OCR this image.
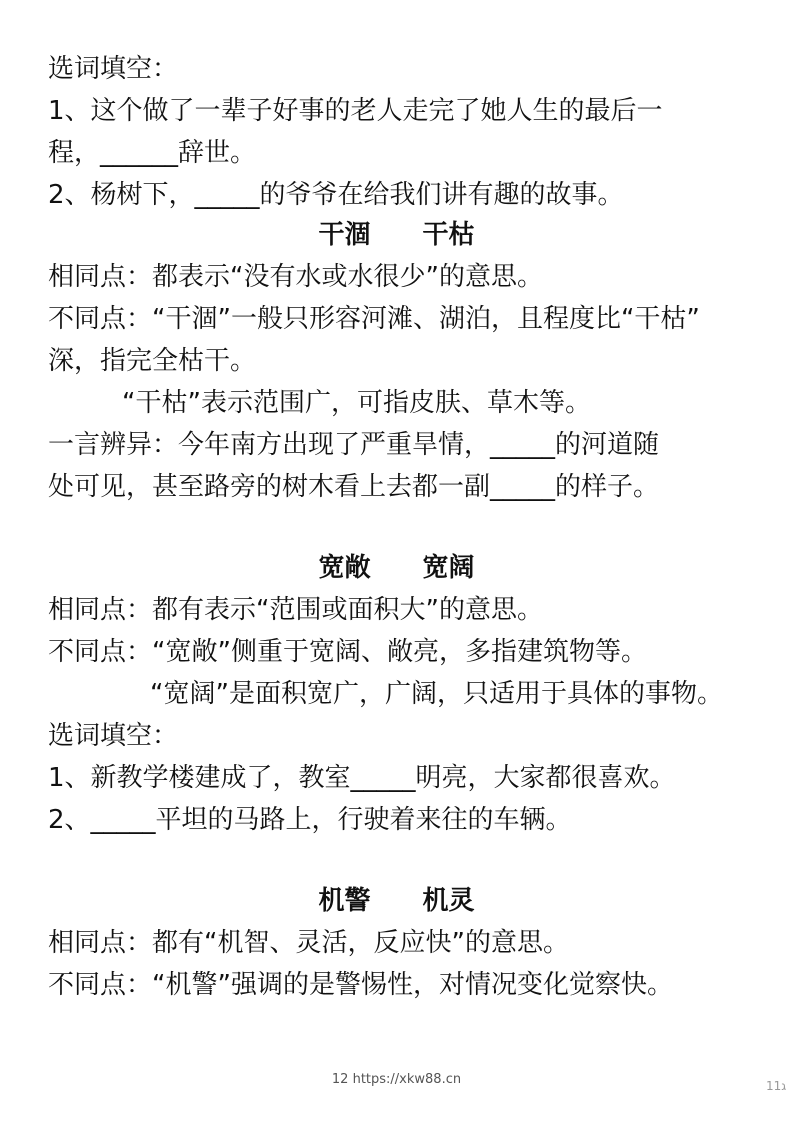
选词填空：
1、这个做了一辈子好事的老人走完了她人生的最后一
程，______辞世。
2、杨树下，_____的爷爷在给我们讲有趣的故事。
干涸　　干枯
相同点：都表示“没有水或水很少”的意思。
不同点：“干涸”一般只形容河滩、湖泊，且程度比“干枯”
深，指完全枯干。
“干枯”表示范围广，可指皮肤、草木等。
一言辨异：今年南方出现了严重旱情，_____的河道随
处可见，甚至路旁的树木看上去都一副_____的样子。
宽敞　　宽阔
相同点：都有表示“范围或面积大”的意思。
不同点：“宽敞”侧重于宽阔、敞亮，多指建筑物等。
“宽阔”是面积宽广，广阔，只适用于具体的事物。
选词填空：
1、新教学楼建成了，教室_____明亮，大家都很喜欢。
2、_____平坦的马路上，行驶着来往的车辆。
机警　　机灵
相同点：都有“机智、灵活，反应快”的意思。
不同点：“机警”强调的是警惕性，对情况变化觉察快。
12 https://xkw88.cn	ג11
